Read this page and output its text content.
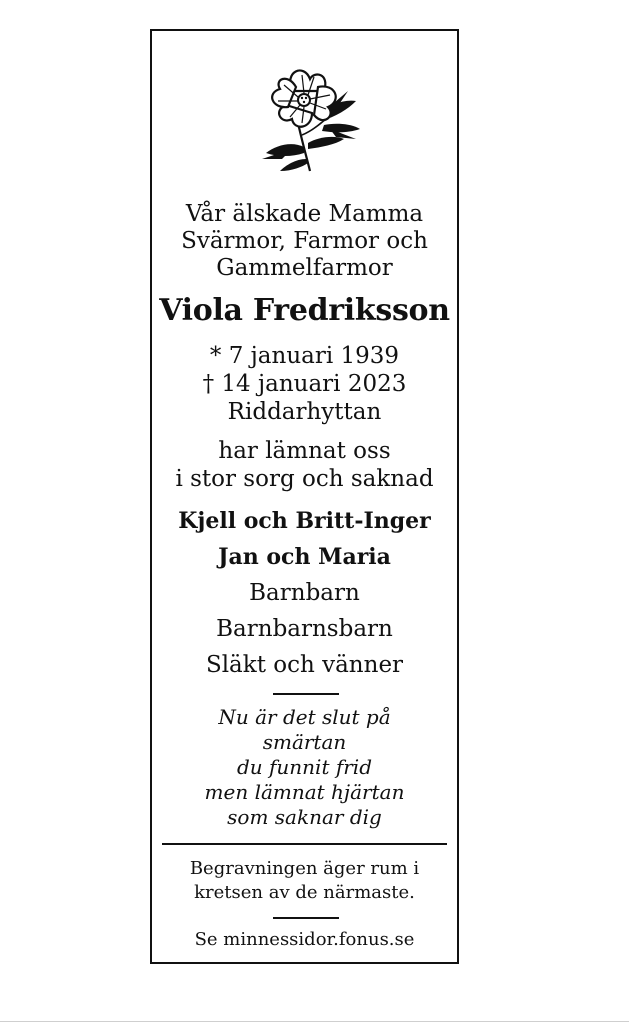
Vår älskade Mamma
Svärmor, Farmor och
Gammelfarmor
Viola Fredriksson
* 7 januari 1939
† 14 januari 2023
Riddarhyttan
har lämnat oss
i stor sorg och saknad
Kjell och Britt-Inger
Jan och Maria
Barnbarn
Barnbarnsbarn
Släkt och vänner
Nu är det slut på
smärtan
du funnit frid
men lämnat hjärtan
som saknar dig
Begravningen äger rum i
kretsen av de närmaste.
Se minnessidor.fonus.se
